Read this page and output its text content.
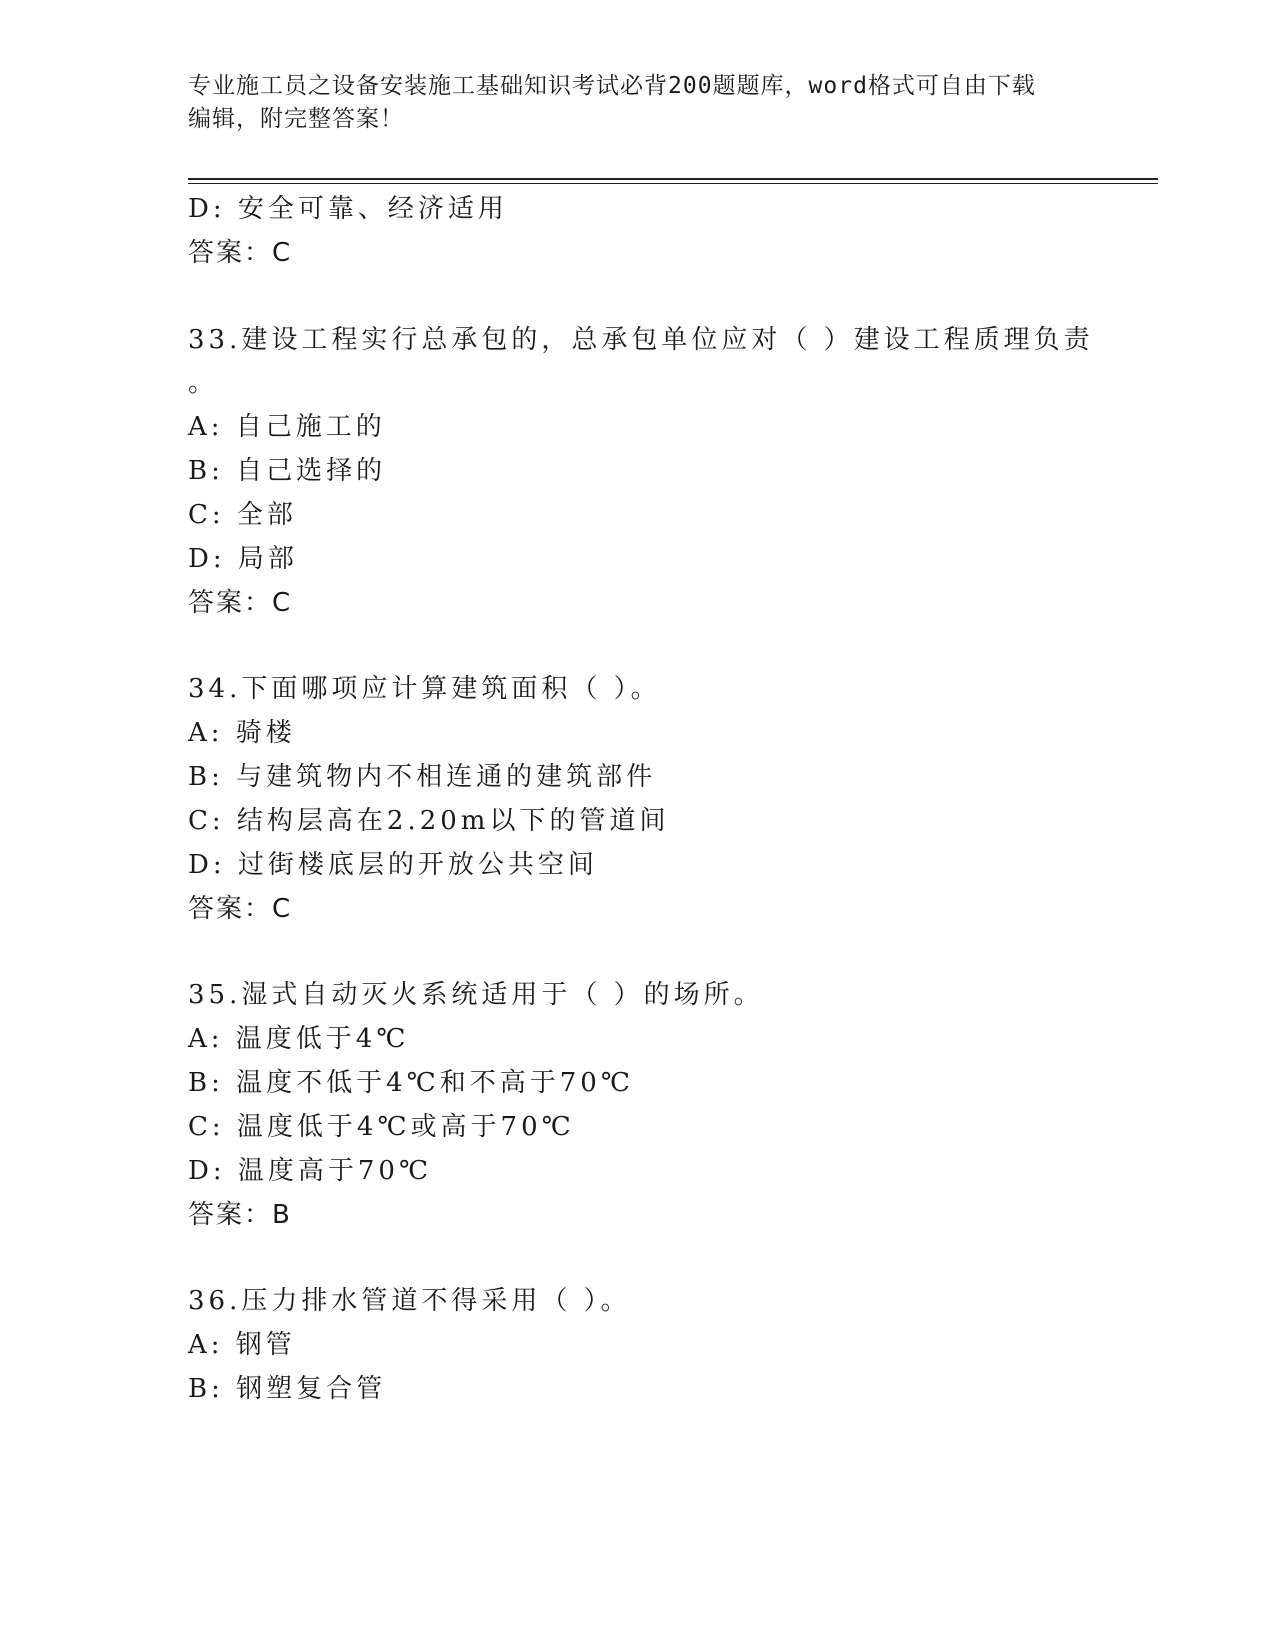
专业施工员之设备安装施工基础知识考试必背200题题库，word格式可自由下载
编辑，附完整答案！
D: 安全可靠、经济适用
答案：C
33.建设工程实行总承包的，总承包单位应对（ ）建设工程质理负责
。
A: 自己施工的
B: 自己选择的
C: 全部
D: 局部
答案：C
34.下面哪项应计算建筑面积（ ）。
A: 骑楼
B: 与建筑物内不相连通的建筑部件
C: 结构层高在2.20m以下的管道间
D: 过街楼底层的开放公共空间
答案：C
35.湿式自动灭火系统适用于（ ）的场所。
A: 温度低于4℃
B: 温度不低于4℃和不高于70℃
C: 温度低于4℃或高于70℃
D: 温度高于70℃
答案：B
36.压力排水管道不得采用（ ）。
A: 钢管
B: 钢塑复合管
